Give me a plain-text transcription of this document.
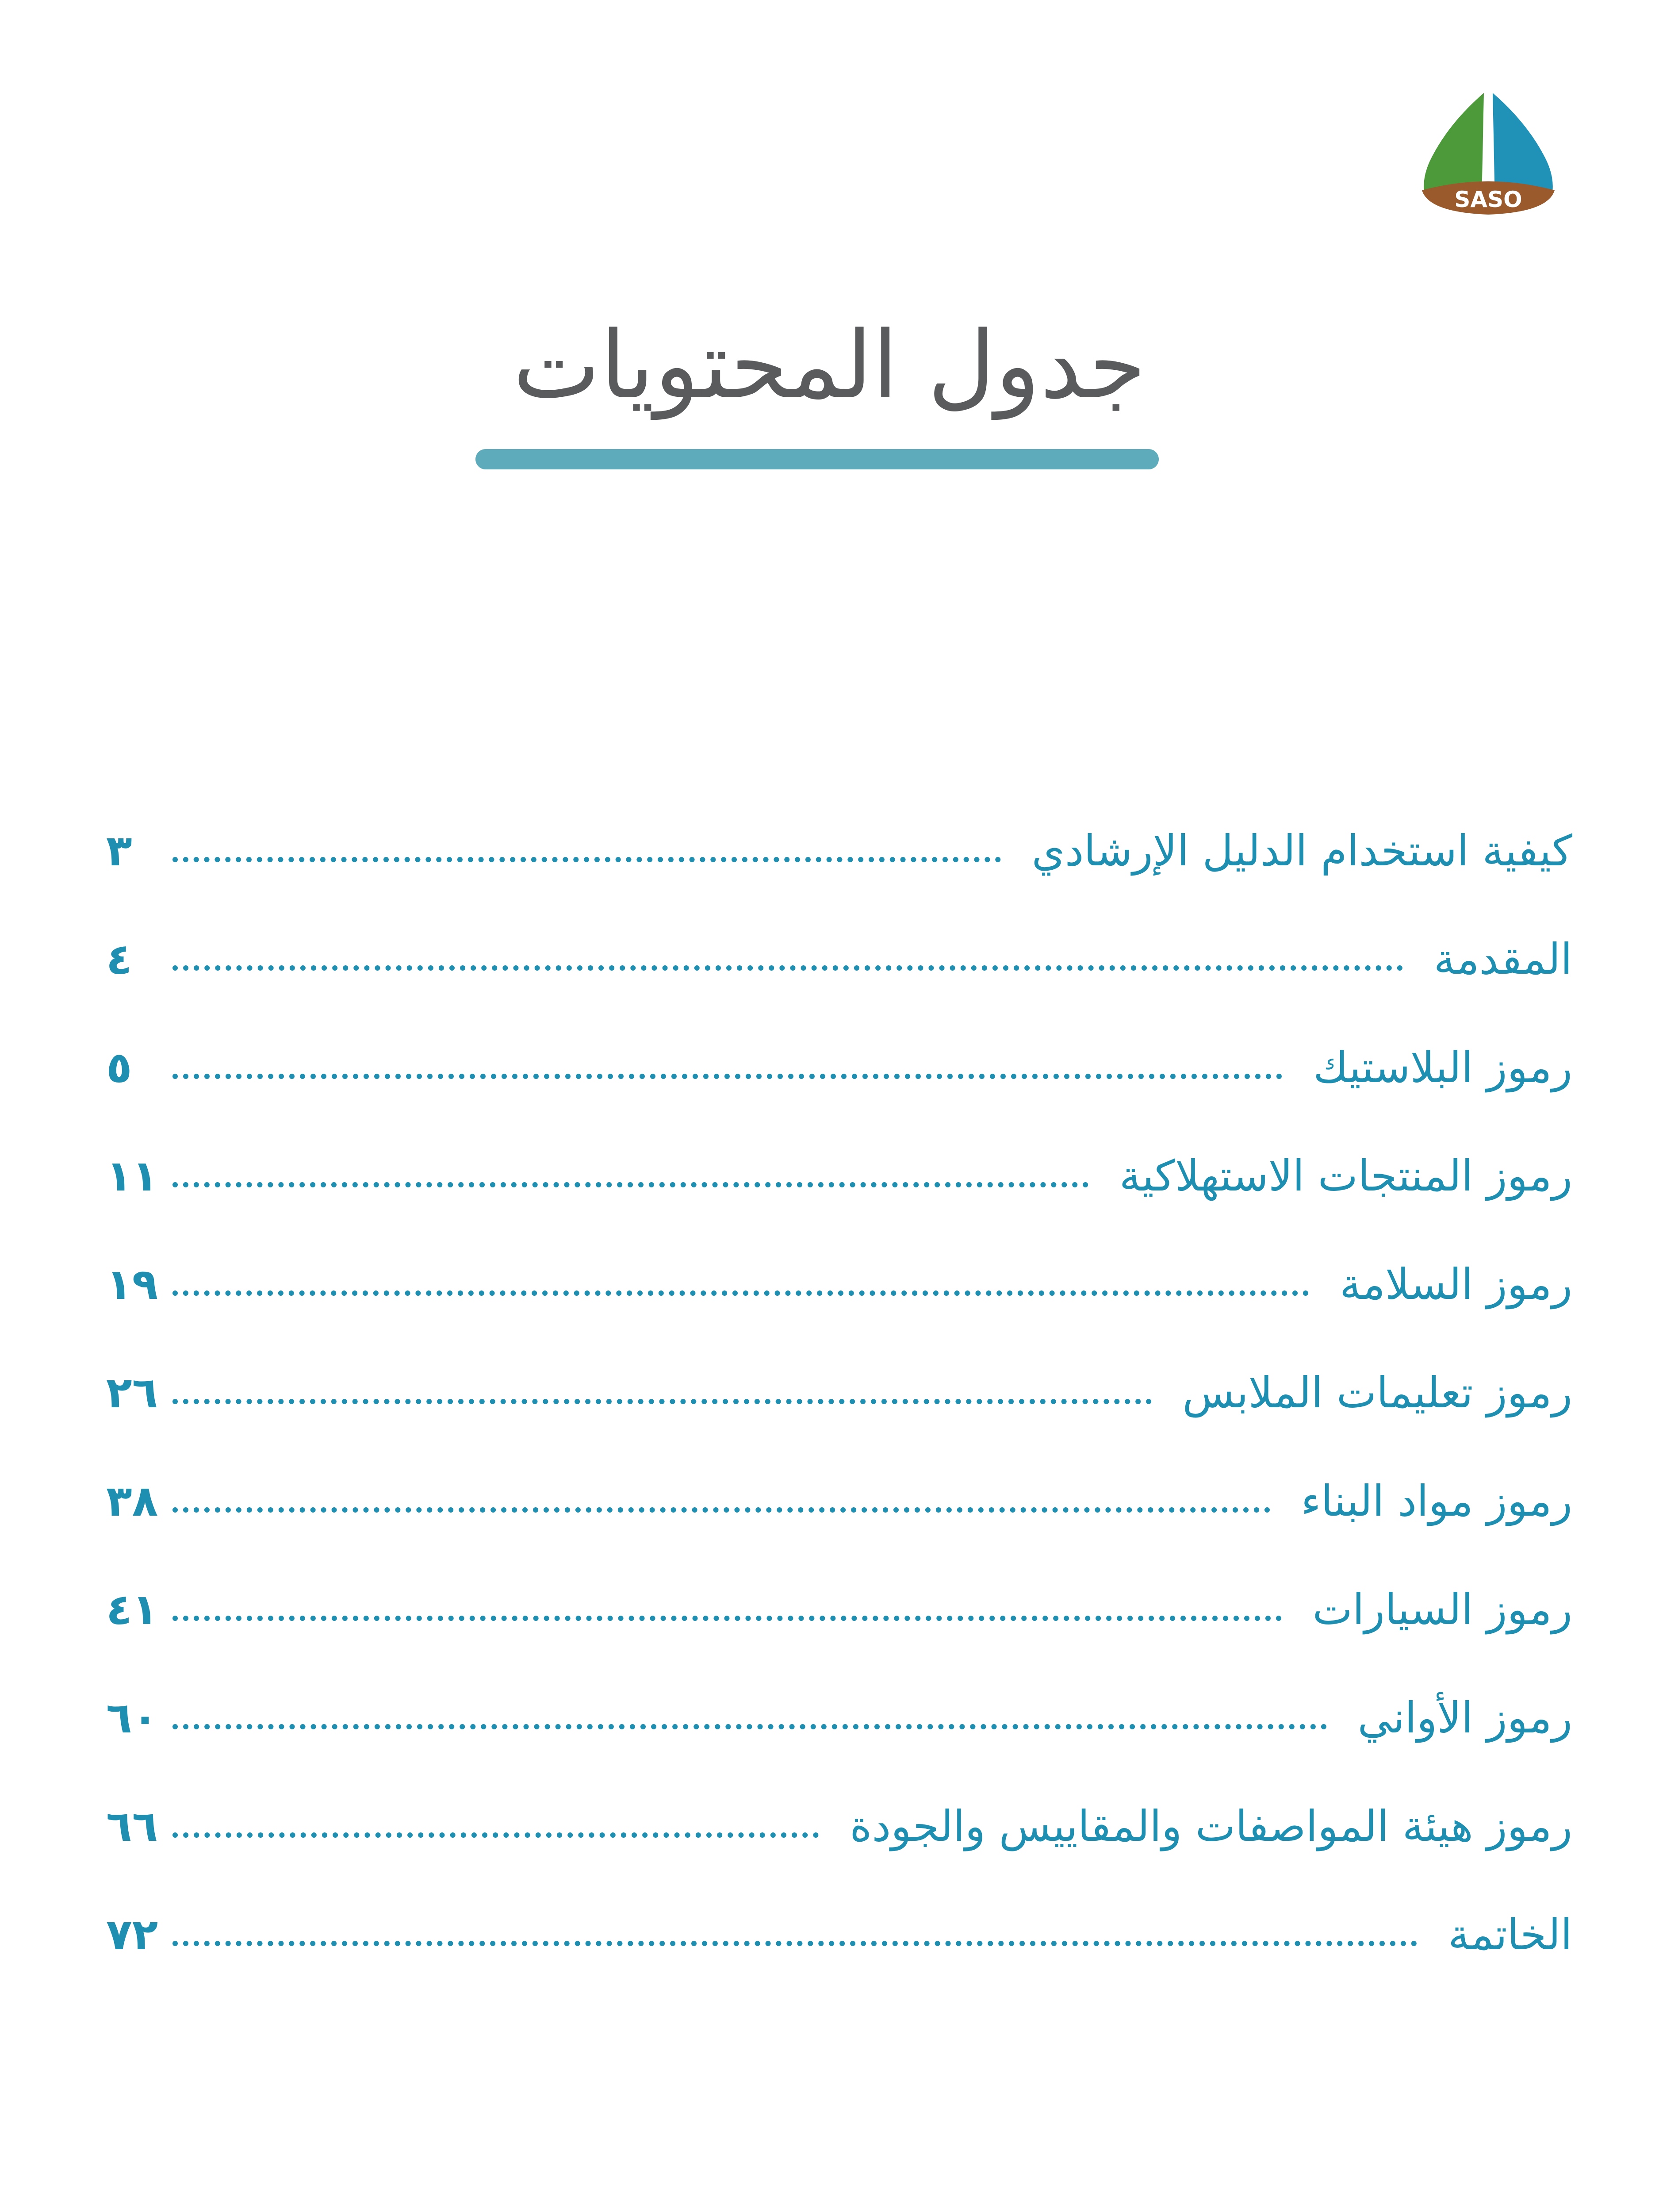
SASO
جدول المحتويات
كيفية استخدام الدليل الإرشادي
٣
المقدمة
٤
رموز البلاستيك
٥
رموز المنتجات الاستهلاكية
١١
رموز السلامة
١٩
رموز تعليمات الملابس
٢٦
رموز مواد البناء
٣٨
رموز السيارات
٤١
رموز الأواني
٦٠
رموز هيئة المواصفات والمقاييس والجودة
٦٦
الخاتمة
٧٢
